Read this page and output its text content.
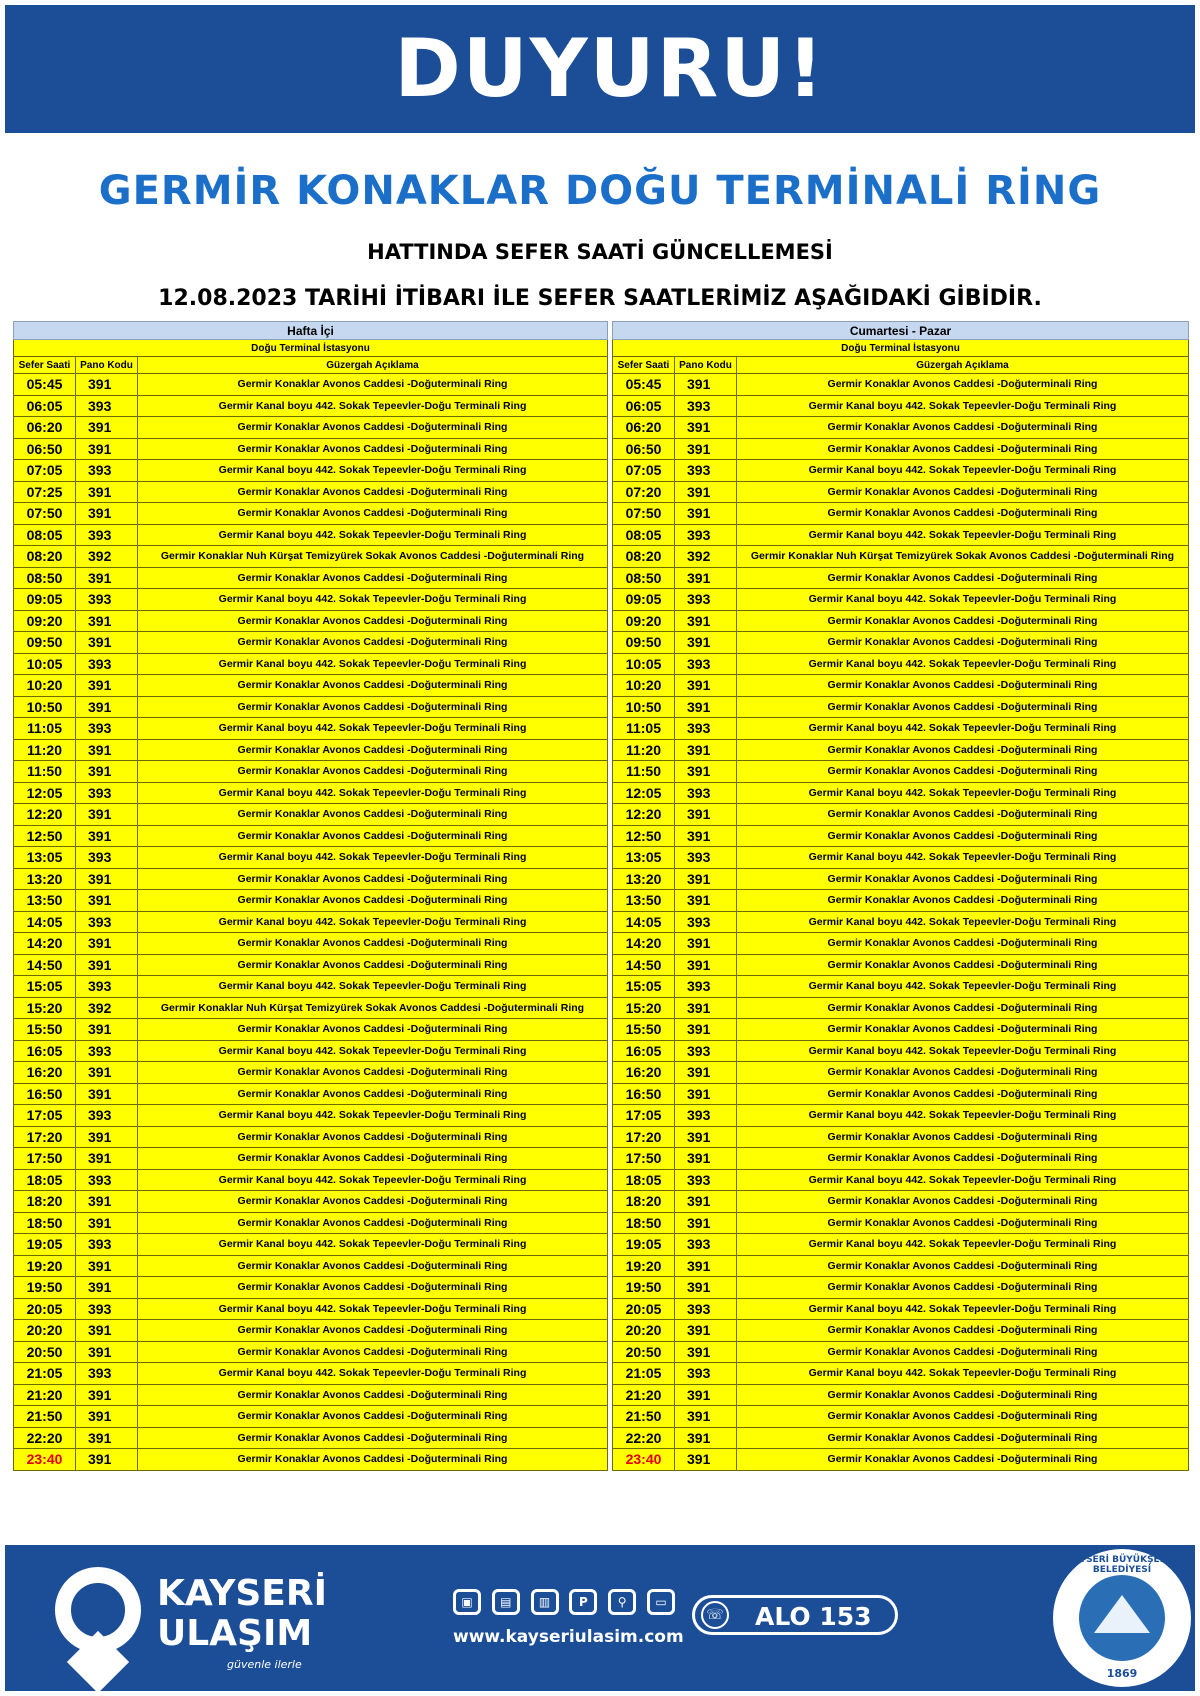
DUYURU!
GERMİR KONAKLAR DOĞU TERMİNALİ RİNG
HATTINDA SEFER SAATİ GÜNCELLEMESİ
12.08.2023 TARİHİ İTİBARI İLE SEFER SAATLERİMİZ AŞAĞIDAKİ GİBİDİR.
Hafta İçi		
Doğu Terminal İstasyonu		
Sefer Saati	Pano Kodu	Güzergah Açıklama
05:45	391	Germir Konaklar Avonos Caddesi -Doğuterminali Ring
06:05	393	Germir Kanal boyu 442. Sokak Tepeevler-Doğu Terminali Ring
06:20	391	Germir Konaklar Avonos Caddesi -Doğuterminali Ring
06:50	391	Germir Konaklar Avonos Caddesi -Doğuterminali Ring
07:05	393	Germir Kanal boyu 442. Sokak Tepeevler-Doğu Terminali Ring
07:25	391	Germir Konaklar Avonos Caddesi -Doğuterminali Ring
07:50	391	Germir Konaklar Avonos Caddesi -Doğuterminali Ring
08:05	393	Germir Kanal boyu 442. Sokak Tepeevler-Doğu Terminali Ring
08:20	392	Germir Konaklar Nuh Kürşat Temizyürek Sokak Avonos Caddesi -Doğuterminali Ring
08:50	391	Germir Konaklar Avonos Caddesi -Doğuterminali Ring
09:05	393	Germir Kanal boyu 442. Sokak Tepeevler-Doğu Terminali Ring
09:20	391	Germir Konaklar Avonos Caddesi -Doğuterminali Ring
09:50	391	Germir Konaklar Avonos Caddesi -Doğuterminali Ring
10:05	393	Germir Kanal boyu 442. Sokak Tepeevler-Doğu Terminali Ring
10:20	391	Germir Konaklar Avonos Caddesi -Doğuterminali Ring
10:50	391	Germir Konaklar Avonos Caddesi -Doğuterminali Ring
11:05	393	Germir Kanal boyu 442. Sokak Tepeevler-Doğu Terminali Ring
11:20	391	Germir Konaklar Avonos Caddesi -Doğuterminali Ring
11:50	391	Germir Konaklar Avonos Caddesi -Doğuterminali Ring
12:05	393	Germir Kanal boyu 442. Sokak Tepeevler-Doğu Terminali Ring
12:20	391	Germir Konaklar Avonos Caddesi -Doğuterminali Ring
12:50	391	Germir Konaklar Avonos Caddesi -Doğuterminali Ring
13:05	393	Germir Kanal boyu 442. Sokak Tepeevler-Doğu Terminali Ring
13:20	391	Germir Konaklar Avonos Caddesi -Doğuterminali Ring
13:50	391	Germir Konaklar Avonos Caddesi -Doğuterminali Ring
14:05	393	Germir Kanal boyu 442. Sokak Tepeevler-Doğu Terminali Ring
14:20	391	Germir Konaklar Avonos Caddesi -Doğuterminali Ring
14:50	391	Germir Konaklar Avonos Caddesi -Doğuterminali Ring
15:05	393	Germir Kanal boyu 442. Sokak Tepeevler-Doğu Terminali Ring
15:20	392	Germir Konaklar Nuh Kürşat Temizyürek Sokak Avonos Caddesi -Doğuterminali Ring
15:50	391	Germir Konaklar Avonos Caddesi -Doğuterminali Ring
16:05	393	Germir Kanal boyu 442. Sokak Tepeevler-Doğu Terminali Ring
16:20	391	Germir Konaklar Avonos Caddesi -Doğuterminali Ring
16:50	391	Germir Konaklar Avonos Caddesi -Doğuterminali Ring
17:05	393	Germir Kanal boyu 442. Sokak Tepeevler-Doğu Terminali Ring
17:20	391	Germir Konaklar Avonos Caddesi -Doğuterminali Ring
17:50	391	Germir Konaklar Avonos Caddesi -Doğuterminali Ring
18:05	393	Germir Kanal boyu 442. Sokak Tepeevler-Doğu Terminali Ring
18:20	391	Germir Konaklar Avonos Caddesi -Doğuterminali Ring
18:50	391	Germir Konaklar Avonos Caddesi -Doğuterminali Ring
19:05	393	Germir Kanal boyu 442. Sokak Tepeevler-Doğu Terminali Ring
19:20	391	Germir Konaklar Avonos Caddesi -Doğuterminali Ring
19:50	391	Germir Konaklar Avonos Caddesi -Doğuterminali Ring
20:05	393	Germir Kanal boyu 442. Sokak Tepeevler-Doğu Terminali Ring
20:20	391	Germir Konaklar Avonos Caddesi -Doğuterminali Ring
20:50	391	Germir Konaklar Avonos Caddesi -Doğuterminali Ring
21:05	393	Germir Kanal boyu 442. Sokak Tepeevler-Doğu Terminali Ring
21:20	391	Germir Konaklar Avonos Caddesi -Doğuterminali Ring
21:50	391	Germir Konaklar Avonos Caddesi -Doğuterminali Ring
22:20	391	Germir Konaklar Avonos Caddesi -Doğuterminali Ring
23:40	391	Germir Konaklar Avonos Caddesi -Doğuterminali Ring
Cumartesi - Pazar		
Doğu Terminal İstasyonu		
Sefer Saati	Pano Kodu	Güzergah Açıklama
05:45	391	Germir Konaklar Avonos Caddesi -Doğuterminali Ring
06:05	393	Germir Kanal boyu 442. Sokak Tepeevler-Doğu Terminali Ring
06:20	391	Germir Konaklar Avonos Caddesi -Doğuterminali Ring
06:50	391	Germir Konaklar Avonos Caddesi -Doğuterminali Ring
07:05	393	Germir Kanal boyu 442. Sokak Tepeevler-Doğu Terminali Ring
07:20	391	Germir Konaklar Avonos Caddesi -Doğuterminali Ring
07:50	391	Germir Konaklar Avonos Caddesi -Doğuterminali Ring
08:05	393	Germir Kanal boyu 442. Sokak Tepeevler-Doğu Terminali Ring
08:20	392	Germir Konaklar Nuh Kürşat Temizyürek Sokak Avonos Caddesi -Doğuterminali Ring
08:50	391	Germir Konaklar Avonos Caddesi -Doğuterminali Ring
09:05	393	Germir Kanal boyu 442. Sokak Tepeevler-Doğu Terminali Ring
09:20	391	Germir Konaklar Avonos Caddesi -Doğuterminali Ring
09:50	391	Germir Konaklar Avonos Caddesi -Doğuterminali Ring
10:05	393	Germir Kanal boyu 442. Sokak Tepeevler-Doğu Terminali Ring
10:20	391	Germir Konaklar Avonos Caddesi -Doğuterminali Ring
10:50	391	Germir Konaklar Avonos Caddesi -Doğuterminali Ring
11:05	393	Germir Kanal boyu 442. Sokak Tepeevler-Doğu Terminali Ring
11:20	391	Germir Konaklar Avonos Caddesi -Doğuterminali Ring
11:50	391	Germir Konaklar Avonos Caddesi -Doğuterminali Ring
12:05	393	Germir Kanal boyu 442. Sokak Tepeevler-Doğu Terminali Ring
12:20	391	Germir Konaklar Avonos Caddesi -Doğuterminali Ring
12:50	391	Germir Konaklar Avonos Caddesi -Doğuterminali Ring
13:05	393	Germir Kanal boyu 442. Sokak Tepeevler-Doğu Terminali Ring
13:20	391	Germir Konaklar Avonos Caddesi -Doğuterminali Ring
13:50	391	Germir Konaklar Avonos Caddesi -Doğuterminali Ring
14:05	393	Germir Kanal boyu 442. Sokak Tepeevler-Doğu Terminali Ring
14:20	391	Germir Konaklar Avonos Caddesi -Doğuterminali Ring
14:50	391	Germir Konaklar Avonos Caddesi -Doğuterminali Ring
15:05	393	Germir Kanal boyu 442. Sokak Tepeevler-Doğu Terminali Ring
15:20	391	Germir Konaklar Avonos Caddesi -Doğuterminali Ring
15:50	391	Germir Konaklar Avonos Caddesi -Doğuterminali Ring
16:05	393	Germir Kanal boyu 442. Sokak Tepeevler-Doğu Terminali Ring
16:20	391	Germir Konaklar Avonos Caddesi -Doğuterminali Ring
16:50	391	Germir Konaklar Avonos Caddesi -Doğuterminali Ring
17:05	393	Germir Kanal boyu 442. Sokak Tepeevler-Doğu Terminali Ring
17:20	391	Germir Konaklar Avonos Caddesi -Doğuterminali Ring
17:50	391	Germir Konaklar Avonos Caddesi -Doğuterminali Ring
18:05	393	Germir Kanal boyu 442. Sokak Tepeevler-Doğu Terminali Ring
18:20	391	Germir Konaklar Avonos Caddesi -Doğuterminali Ring
18:50	391	Germir Konaklar Avonos Caddesi -Doğuterminali Ring
19:05	393	Germir Kanal boyu 442. Sokak Tepeevler-Doğu Terminali Ring
19:20	391	Germir Konaklar Avonos Caddesi -Doğuterminali Ring
19:50	391	Germir Konaklar Avonos Caddesi -Doğuterminali Ring
20:05	393	Germir Kanal boyu 442. Sokak Tepeevler-Doğu Terminali Ring
20:20	391	Germir Konaklar Avonos Caddesi -Doğuterminali Ring
20:50	391	Germir Konaklar Avonos Caddesi -Doğuterminali Ring
21:05	393	Germir Kanal boyu 442. Sokak Tepeevler-Doğu Terminali Ring
21:20	391	Germir Konaklar Avonos Caddesi -Doğuterminali Ring
21:50	391	Germir Konaklar Avonos Caddesi -Doğuterminali Ring
22:20	391	Germir Konaklar Avonos Caddesi -Doğuterminali Ring
23:40	391	Germir Konaklar Avonos Caddesi -Doğuterminali Ring
KAYSERİ
ULAŞIM
güvenle ilerle
▣	▤	▥	P	⚲	▭
www.kayseriulasim.com
☏ ALO 153
KAYSERİ BÜYÜKŞEHİR BELEDİYESİ
1869
